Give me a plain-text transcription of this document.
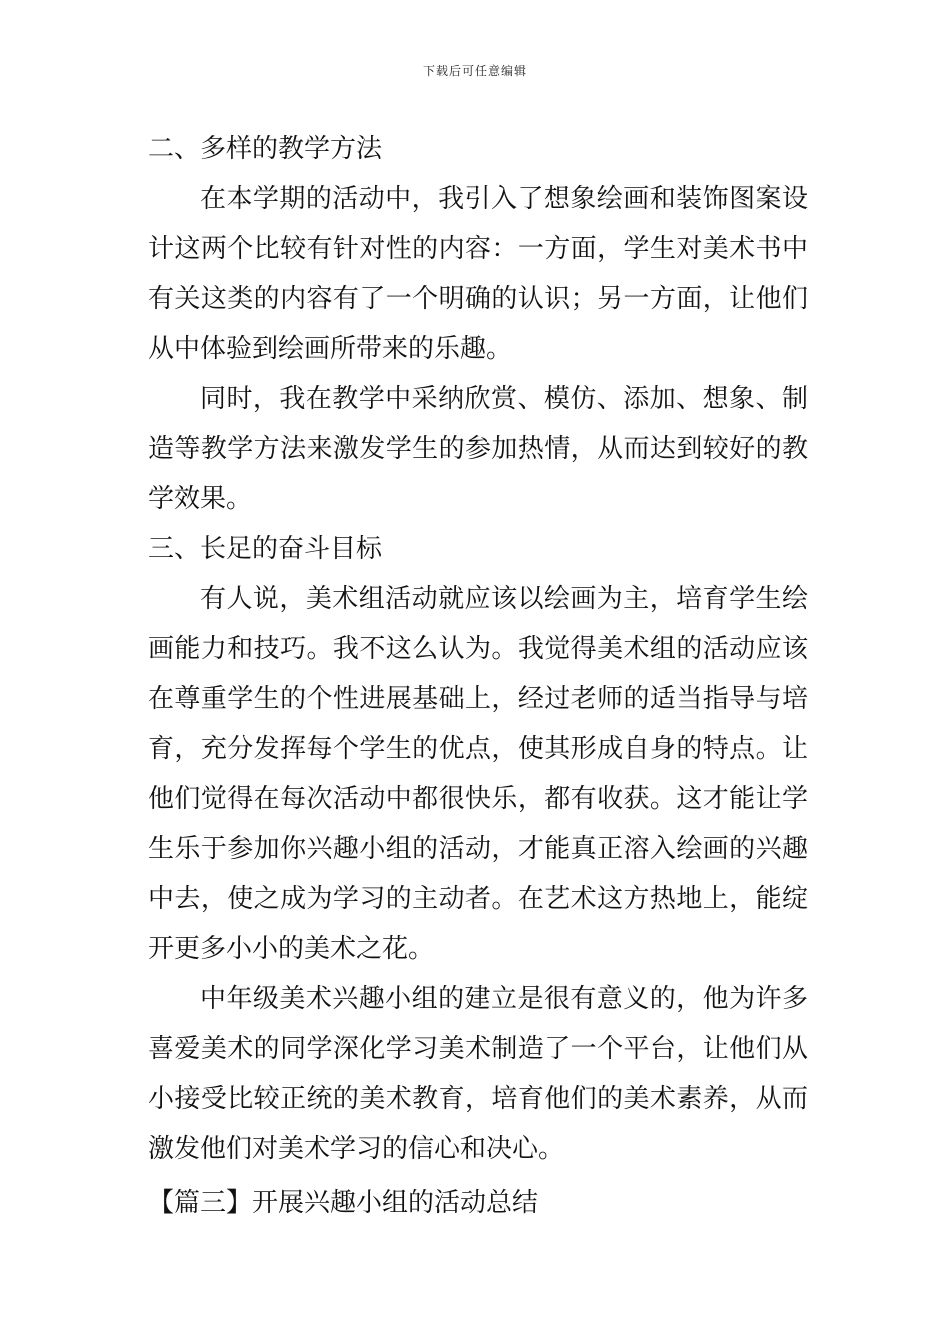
下载后可任意编辑

二、多样的教学方法

在本学期的活动中，我引入了想象绘画和装饰图案设计这两个比较有针对性的内容：一方面，学生对美术书中有关这类的内容有了一个明确的认识；另一方面，让他们从中体验到绘画所带来的乐趣。

同时，我在教学中采纳欣赏、模仿、添加、想象、制造等教学方法来激发学生的参加热情，从而达到较好的教学效果。

三、长足的奋斗目标

有人说，美术组活动就应该以绘画为主，培育学生绘画能力和技巧。我不这么认为。我觉得美术组的活动应该在尊重学生的个性进展基础上，经过老师的适当指导与培育，充分发挥每个学生的优点，使其形成自身的特点。让他们觉得在每次活动中都很快乐，都有收获。这才能让学生乐于参加你兴趣小组的活动，才能真正溶入绘画的兴趣中去，使之成为学习的主动者。在艺术这方热地上，能绽开更多小小的美术之花。

中年级美术兴趣小组的建立是很有意义的，他为许多喜爱美术的同学深化学习美术制造了一个平台，让他们从小接受比较正统的美术教育，培育他们的美术素养，从而激发他们对美术学习的信心和决心。

【篇三】开展兴趣小组的活动总结
